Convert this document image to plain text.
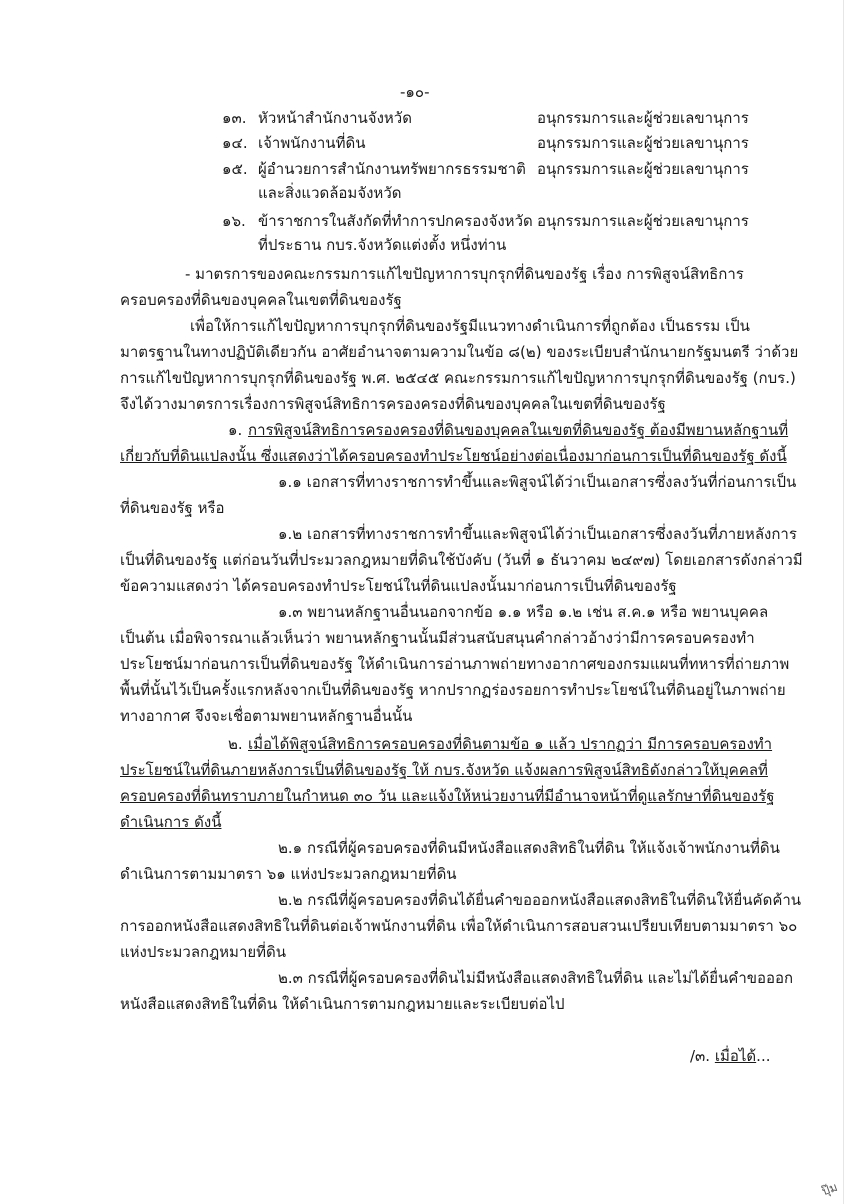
-๑๐-
๑๓. หัวหน้าสำนักงานจังหวัด	อนุกรรมการและผู้ช่วยเลขานุการ
๑๔. เจ้าพนักงานที่ดิน	อนุกรรมการและผู้ช่วยเลขานุการ
๑๕. ผู้อำนวยการสำนักงานทรัพยากรธรรมชาติ อนุกรรมการและผู้ช่วยเลขานุการ
และสิ่งแวดล้อมจังหวัด
๑๖. ข้าราชการในสังกัดที่ทำการปกครองจังหวัด อนุกรรมการและผู้ช่วยเลขานุการ
ที่ประธาน กบร.จังหวัดแต่งตั้ง หนึ่งท่าน
- มาตรการของคณะกรรมการแก้ไขปัญหาการบุกรุกที่ดินของรัฐ เรื่อง การพิสูจน์สิทธิการ
ครอบครองที่ดินของบุคคลในเขตที่ดินของรัฐ
เพื่อให้การแก้ไขปัญหาการบุกรุกที่ดินของรัฐมีแนวทางดำเนินการที่ถูกต้อง เป็นธรรม เป็น
มาตรฐานในทางปฏิบัติเดียวกัน อาศัยอำนาจตามความในข้อ ๘(๒) ของระเบียบสำนักนายกรัฐมนตรี ว่าด้วย
การแก้ไขปัญหาการบุกรุกที่ดินของรัฐ พ.ศ. ๒๕๔๕ คณะกรรมการแก้ไขปัญหาการบุกรุกที่ดินของรัฐ (กบร.)
จึงได้วางมาตรการเรื่องการพิสูจน์สิทธิการครองครองที่ดินของบุคคลในเขตที่ดินของรัฐ
๑. การพิสูจน์สิทธิการครองครองที่ดินของบุคคลในเขตที่ดินของรัฐ ต้องมีพยานหลักฐานที่
เกี่ยวกับที่ดินแปลงนั้น ซึ่งแสดงว่าได้ครอบครองทำประโยชน์อย่างต่อเนื่องมาก่อนการเป็นที่ดินของรัฐ ดังนี้
๑.๑ เอกสารที่ทางราชการทำขึ้นและพิสูจน์ได้ว่าเป็นเอกสารซึ่งลงวันที่ก่อนการเป็น
ที่ดินของรัฐ หรือ
๑.๒ เอกสารที่ทางราชการทำขึ้นและพิสูจน์ได้ว่าเป็นเอกสารซึ่งลงวันที่ภายหลังการ
เป็นที่ดินของรัฐ แต่ก่อนวันที่ประมวลกฎหมายที่ดินใช้บังคับ (วันที่ ๑ ธันวาคม ๒๔๙๗) โดยเอกสารดังกล่าวมี
ข้อความแสดงว่า ได้ครอบครองทำประโยชน์ในที่ดินแปลงนั้นมาก่อนการเป็นที่ดินของรัฐ
๑.๓ พยานหลักฐานอื่นนอกจากข้อ ๑.๑ หรือ ๑.๒ เช่น ส.ค.๑ หรือ พยานบุคคล
เป็นต้น เมื่อพิจารณาแล้วเห็นว่า พยานหลักฐานนั้นมีส่วนสนับสนุนคำกล่าวอ้างว่ามีการครอบครองทำ
ประโยชน์มาก่อนการเป็นที่ดินของรัฐ ให้ดำเนินการอ่านภาพถ่ายทางอากาศของกรมแผนที่ทหารที่ถ่ายภาพ
พื้นที่นั้นไว้เป็นครั้งแรกหลังจากเป็นที่ดินของรัฐ หากปรากฏร่องรอยการทำประโยชน์ในที่ดินอยู่ในภาพถ่าย
ทางอากาศ จึงจะเชื่อตามพยานหลักฐานอื่นนั้น
๒. เมื่อได้พิสูจน์สิทธิการครอบครองที่ดินตามข้อ ๑ แล้ว ปรากฏว่า มีการครอบครองทำ
ประโยชน์ในที่ดินภายหลังการเป็นที่ดินของรัฐ ให้ กบร.จังหวัด แจ้งผลการพิสูจน์สิทธิดังกล่าวให้บุคคลที่
ครอบครองที่ดินทราบภายในกำหนด ๓๐ วัน และแจ้งให้หน่วยงานที่มีอำนาจหน้าที่ดูแลรักษาที่ดินของรัฐ
ดำเนินการ ดังนี้
๒.๑ กรณีที่ผู้ครอบครองที่ดินมีหนังสือแสดงสิทธิในที่ดิน ให้แจ้งเจ้าพนักงานที่ดิน
ดำเนินการตามมาตรา ๖๑ แห่งประมวลกฎหมายที่ดิน
๒.๒ กรณีที่ผู้ครอบครองที่ดินได้ยื่นคำขอออกหนังสือแสดงสิทธิในที่ดินให้ยื่นคัดค้าน
การออกหนังสือแสดงสิทธิในที่ดินต่อเจ้าพนักงานที่ดิน เพื่อให้ดำเนินการสอบสวนเปรียบเทียบตามมาตรา ๖๐
แห่งประมวลกฎหมายที่ดิน
๒.๓ กรณีที่ผู้ครอบครองที่ดินไม่มีหนังสือแสดงสิทธิในที่ดิน และไม่ได้ยื่นคำขอออก
หนังสือแสดงสิทธิในที่ดิน ให้ดำเนินการตามกฎหมายและระเบียบต่อไป
/๓. เมื่อได้...
ปุ๊ม
